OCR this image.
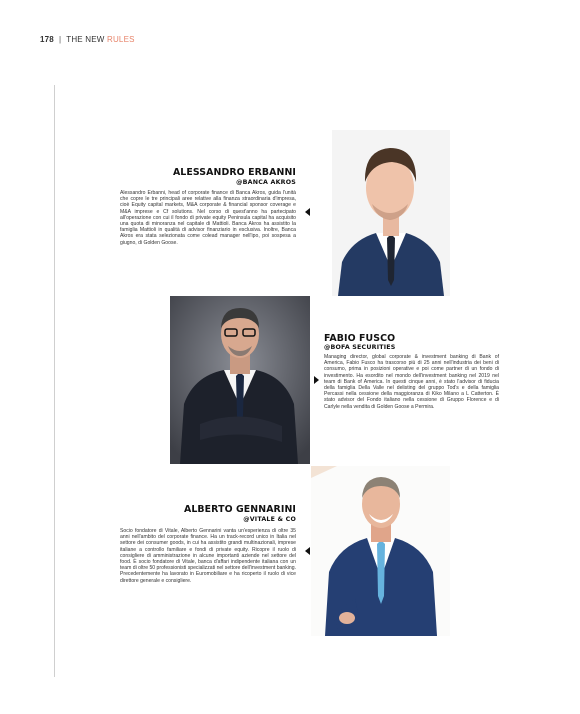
178 | THE NEW
RULES
ALESSANDRO ERBANNI
@BANCA AKROS

Alessandro Erbanni, head of corporate finance di Banca Akros, guida l'unità che copre le tre principali aree relative alla finanza straordinaria d'impresa, cioè Equity capital markets, M&A corporate & financial sponsor coverage e M&A imprese e Cf solutions. Nel corso di quest'anno ha partecipato all'operazione con cui il fondo di private equity Peninsula capital ha acquisito una quota di minoranza nel capitale di Mattioli. Banca Akros ha assistito la famiglia Mattioli in qualità di advisor finanziario in esclusiva. Inoltre, Banca Akros era stata selezionata come colead manager nell'ipo, poi sospesa a giugno, di Golden Goose.

FABIO FUSCO
@BOFA SECURITIES

Managing director, global corporate & investment banking di Bank of America, Fabio Fusco ha trascorso più di 25 anni nell'industria dei beni di consumo, prima in posizioni operative e poi come partner di un fondo di investimento. Ha esordito nel mondo dell'investment banking nel 2019 nel team di Bank of America. In questi cinque anni, è stato l'advisor di fiducia della famiglia Della Valle nel delisting del gruppo Tod's e della famiglia Percassi nella cessione della maggioranza di Kiko Milano a L Catterton. È stato advisor del Fondo italiano nella cessione di Gruppo Florence e di Carlyle nella vendita di Golden Goose a Permira.

ALBERTO GENNARINI
@VITALE & CO

Socio fondatore di Vitale, Alberto Gennarini vanta un'esperienza di oltre 35 anni nell'ambito del corporate finance. Ha un track-record unico in Italia nel settore dei consumer goods, in cui ha assistito grandi multinazionali, imprese italiane a controllo familiare e fondi di private equity. Ricopre il ruolo di consigliere di amministrazione in alcune importanti aziende nel settore del food. È socio fondatore di Vitale, banca d'affari indipendente italiana con un team di oltre 50 professionisti specializzati nel settore dell'investment banking. Precedentemente ha lavorato in Euromobiliare e ha ricoperto il ruolo di vice direttore generale e consigliere.
